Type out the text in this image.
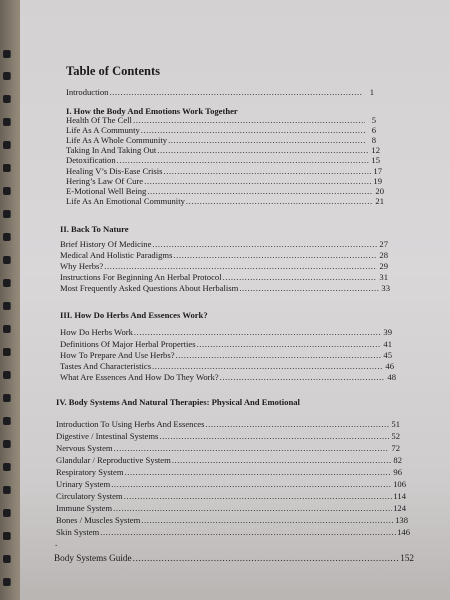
Table of Contents
Introduction .....	1
I. How the Body And Emotions Work Together
Health Of The Cell .....	5
Life As A Communty .....	6
Life As A Whole Community .....	8
Taking In And Taking Out .....	12
Detoxification .....	15
Healing V’s Dis-Ease Crisis .....	17
Hering’s Law Of Cure .....	19
E-Motional Well Being .....	20
Life As An Emotional Community .....	21
II. Back To Nature
Brief History Of Medicine .....	27
Medical And Holistic Paradigms .....	28
Why Herbs? .....	29
Instructions For Beginning An Herbal Protocol .....	31
Most Frequently Asked Questions About Herbalism .....	33
III. How Do Herbs And Essences Work?
How Do Herbs Work .....	39
Definitions Of Major Herbal Properties .....	41
How To Prepare And Use Herbs? .....	45
Tastes And Characteristics .....	46
What Are Essences And How Do They Work? .....	48
IV. Body Systems And Natural Therapies: Physical And Emotional
Introduction To Using Herbs And Essences .....	51
Digestive / Intestinal Systems .....	52
Nervous System .....	72
Glandular / Reproductive System .....	82
Respiratory System .....	96
Urinary System .....	106
Circulatory System .....	114
Immune System .....	124
Bones / Muscles System .....	138
Skin System .....	146
.
Body Systems Guide .....	152
